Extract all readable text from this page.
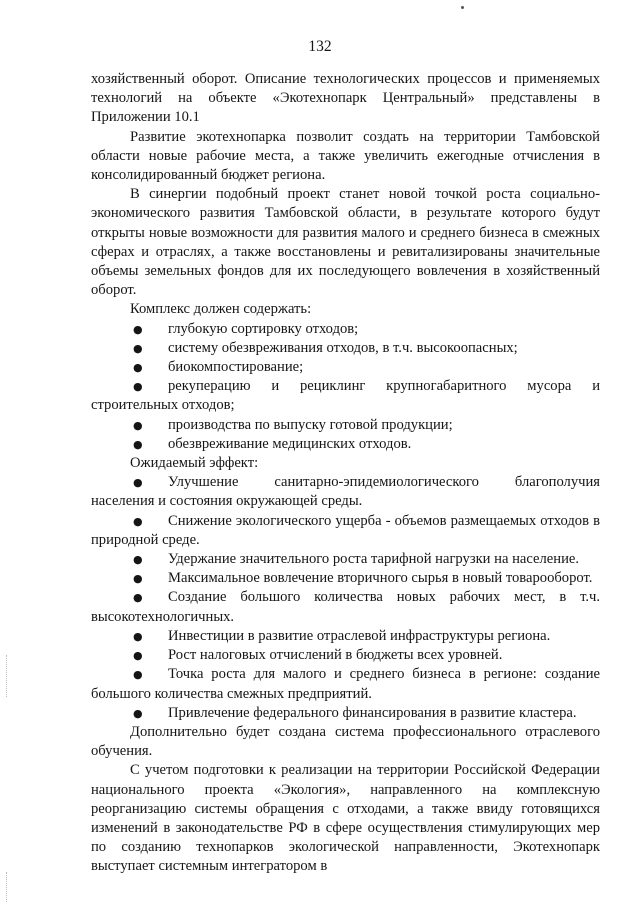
132

хозяйственный оборот. Описание технологических процессов и применяемых технологий на объекте «Экотехнопарк Центральный» представлены в Приложении 10.1

Развитие экотехнопарка позволит создать на территории Тамбовской области новые рабочие места, а также увеличить ежегодные отчисления в консолидированный бюджет региона.

В синергии подобный проект станет новой точкой роста социально-экономического развития Тамбовской области, в результате которого будут открыты новые возможности для развития малого и среднего бизнеса в смежных сферах и отраслях, а также восстановлены и ревитализированы значительные объемы земельных фондов для их последующего вовлечения в хозяйственный оборот.

Комплекс должен содержать:

● глубокую сортировку отходов;
● систему обезвреживания отходов, в т.ч. высокоопасных;
● биокомпостирование;
● рекуперацию и рециклинг крупногабаритного мусора и строительных отходов;
● производства по выпуску готовой продукции;
● обезвреживание медицинских отходов.

Ожидаемый эффект:

● Улучшение санитарно-эпидемиологического благополучия населения и состояния окружающей среды.
● Снижение экологического ущерба - объемов размещаемых отходов в природной среде.
● Удержание значительного роста тарифной нагрузки на население.
● Максимальное вовлечение вторичного сырья в новый товарооборот.
● Создание большого количества новых рабочих мест, в т.ч. высокотехнологичных.
● Инвестиции в развитие отраслевой инфраструктуры региона.
● Рост налоговых отчислений в бюджеты всех уровней.
● Точка роста для малого и среднего бизнеса в регионе: создание большого количества смежных предприятий.
● Привлечение федерального финансирования в развитие кластера.

Дополнительно будет создана система профессионального отраслевого обучения.

С учетом подготовки к реализации на территории Российской Федерации национального проекта «Экология», направленного на комплексную реорганизацию системы обращения с отходами, а также ввиду готовящихся изменений в законодательстве РФ в сфере осуществления стимулирующих мер по созданию технопарков экологической направленности, Экотехнопарк выступает системным интегратором в
